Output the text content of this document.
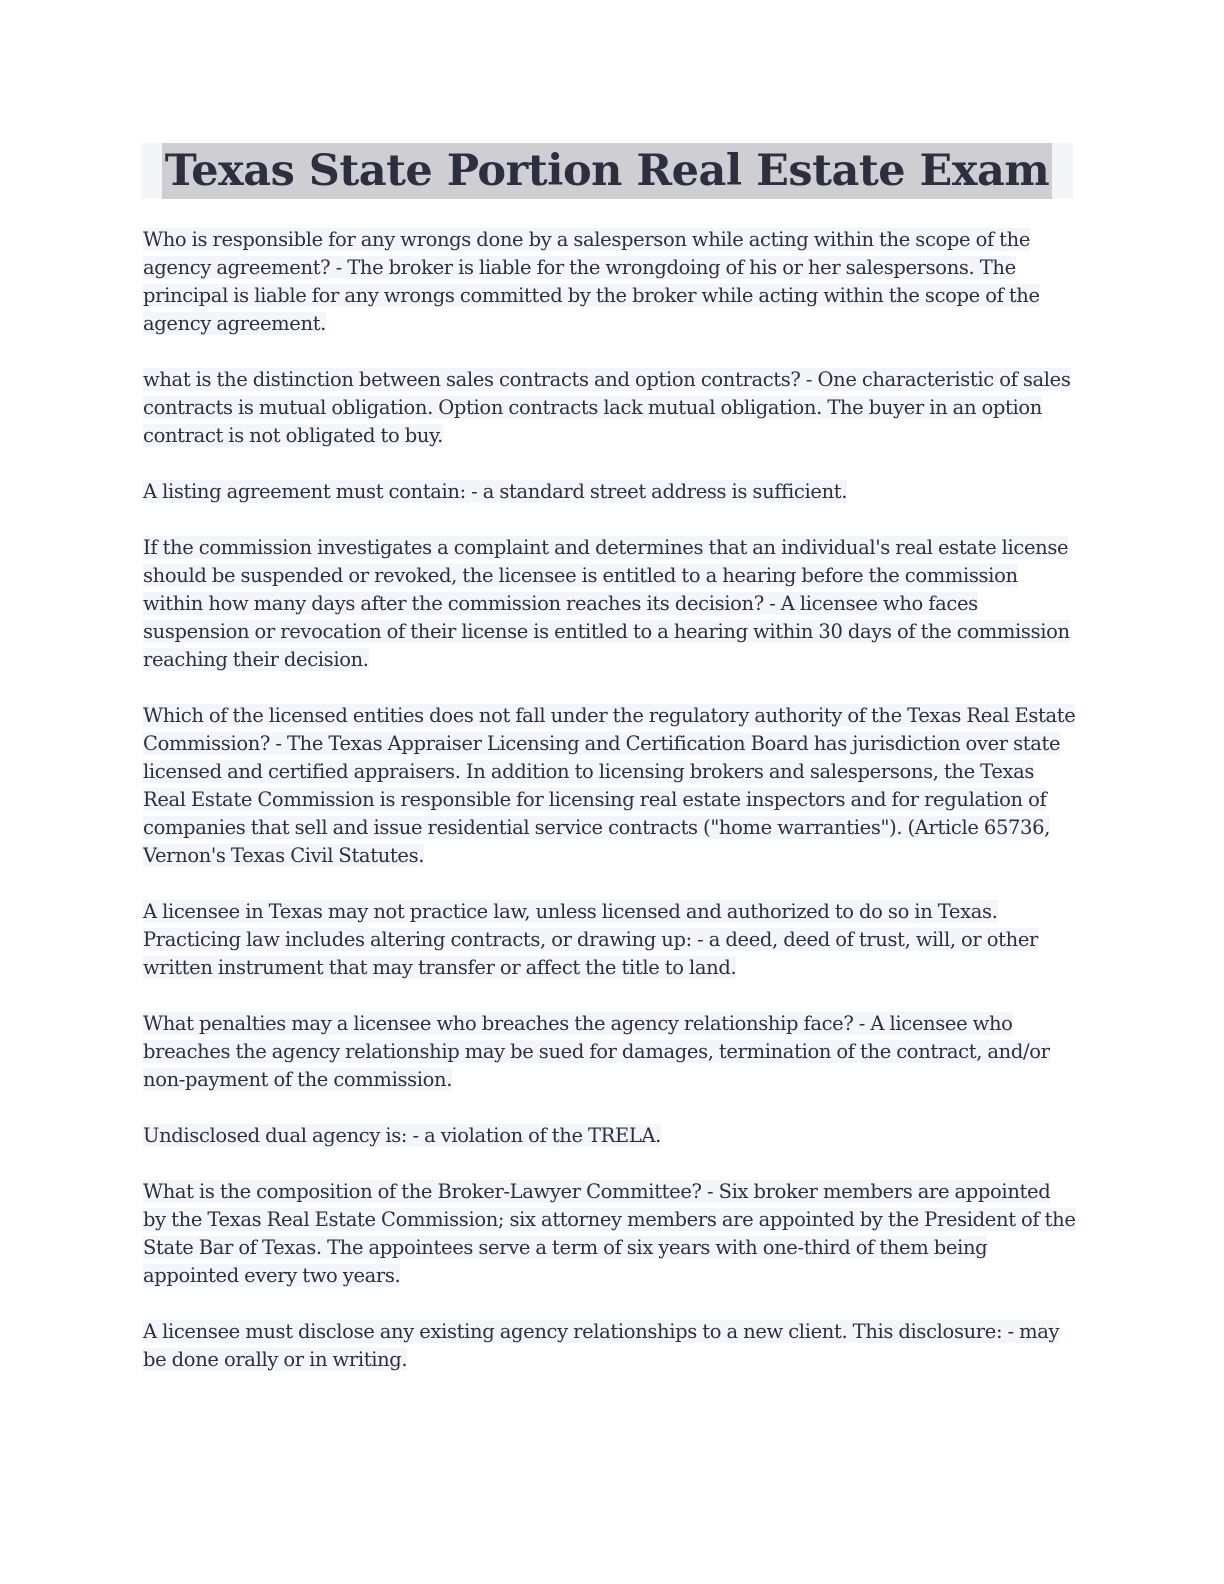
Texas State Portion Real Estate Exam

Who is responsible for any wrongs done by a salesperson while acting within the scope of the agency agreement? - The broker is liable for the wrongdoing of his or her salespersons. The principal is liable for any wrongs committed by the broker while acting within the scope of the agency agreement.

what is the distinction between sales contracts and option contracts? - One characteristic of sales contracts is mutual obligation. Option contracts lack mutual obligation. The buyer in an option contract is not obligated to buy.

A listing agreement must contain: - a standard street address is sufficient.

If the commission investigates a complaint and determines that an individual's real estate license should be suspended or revoked, the licensee is entitled to a hearing before the commission within how many days after the commission reaches its decision? - A licensee who faces suspension or revocation of their license is entitled to a hearing within 30 days of the commission reaching their decision.

Which of the licensed entities does not fall under the regulatory authority of the Texas Real Estate Commission? - The Texas Appraiser Licensing and Certification Board has jurisdiction over state licensed and certified appraisers. In addition to licensing brokers and salespersons, the Texas Real Estate Commission is responsible for licensing real estate inspectors and for regulation of companies that sell and issue residential service contracts ("home warranties"). (Article 65736, Vernon's Texas Civil Statutes.

A licensee in Texas may not practice law, unless licensed and authorized to do so in Texas. Practicing law includes altering contracts, or drawing up: - a deed, deed of trust, will, or other written instrument that may transfer or affect the title to land.

What penalties may a licensee who breaches the agency relationship face? - A licensee who breaches the agency relationship may be sued for damages, termination of the contract, and/or non-payment of the commission.

Undisclosed dual agency is: - a violation of the TRELA.

What is the composition of the Broker-Lawyer Committee? - Six broker members are appointed by the Texas Real Estate Commission; six attorney members are appointed by the President of the State Bar of Texas. The appointees serve a term of six years with one-third of them being appointed every two years.

A licensee must disclose any existing agency relationships to a new client. This disclosure: - may be done orally or in writing.
